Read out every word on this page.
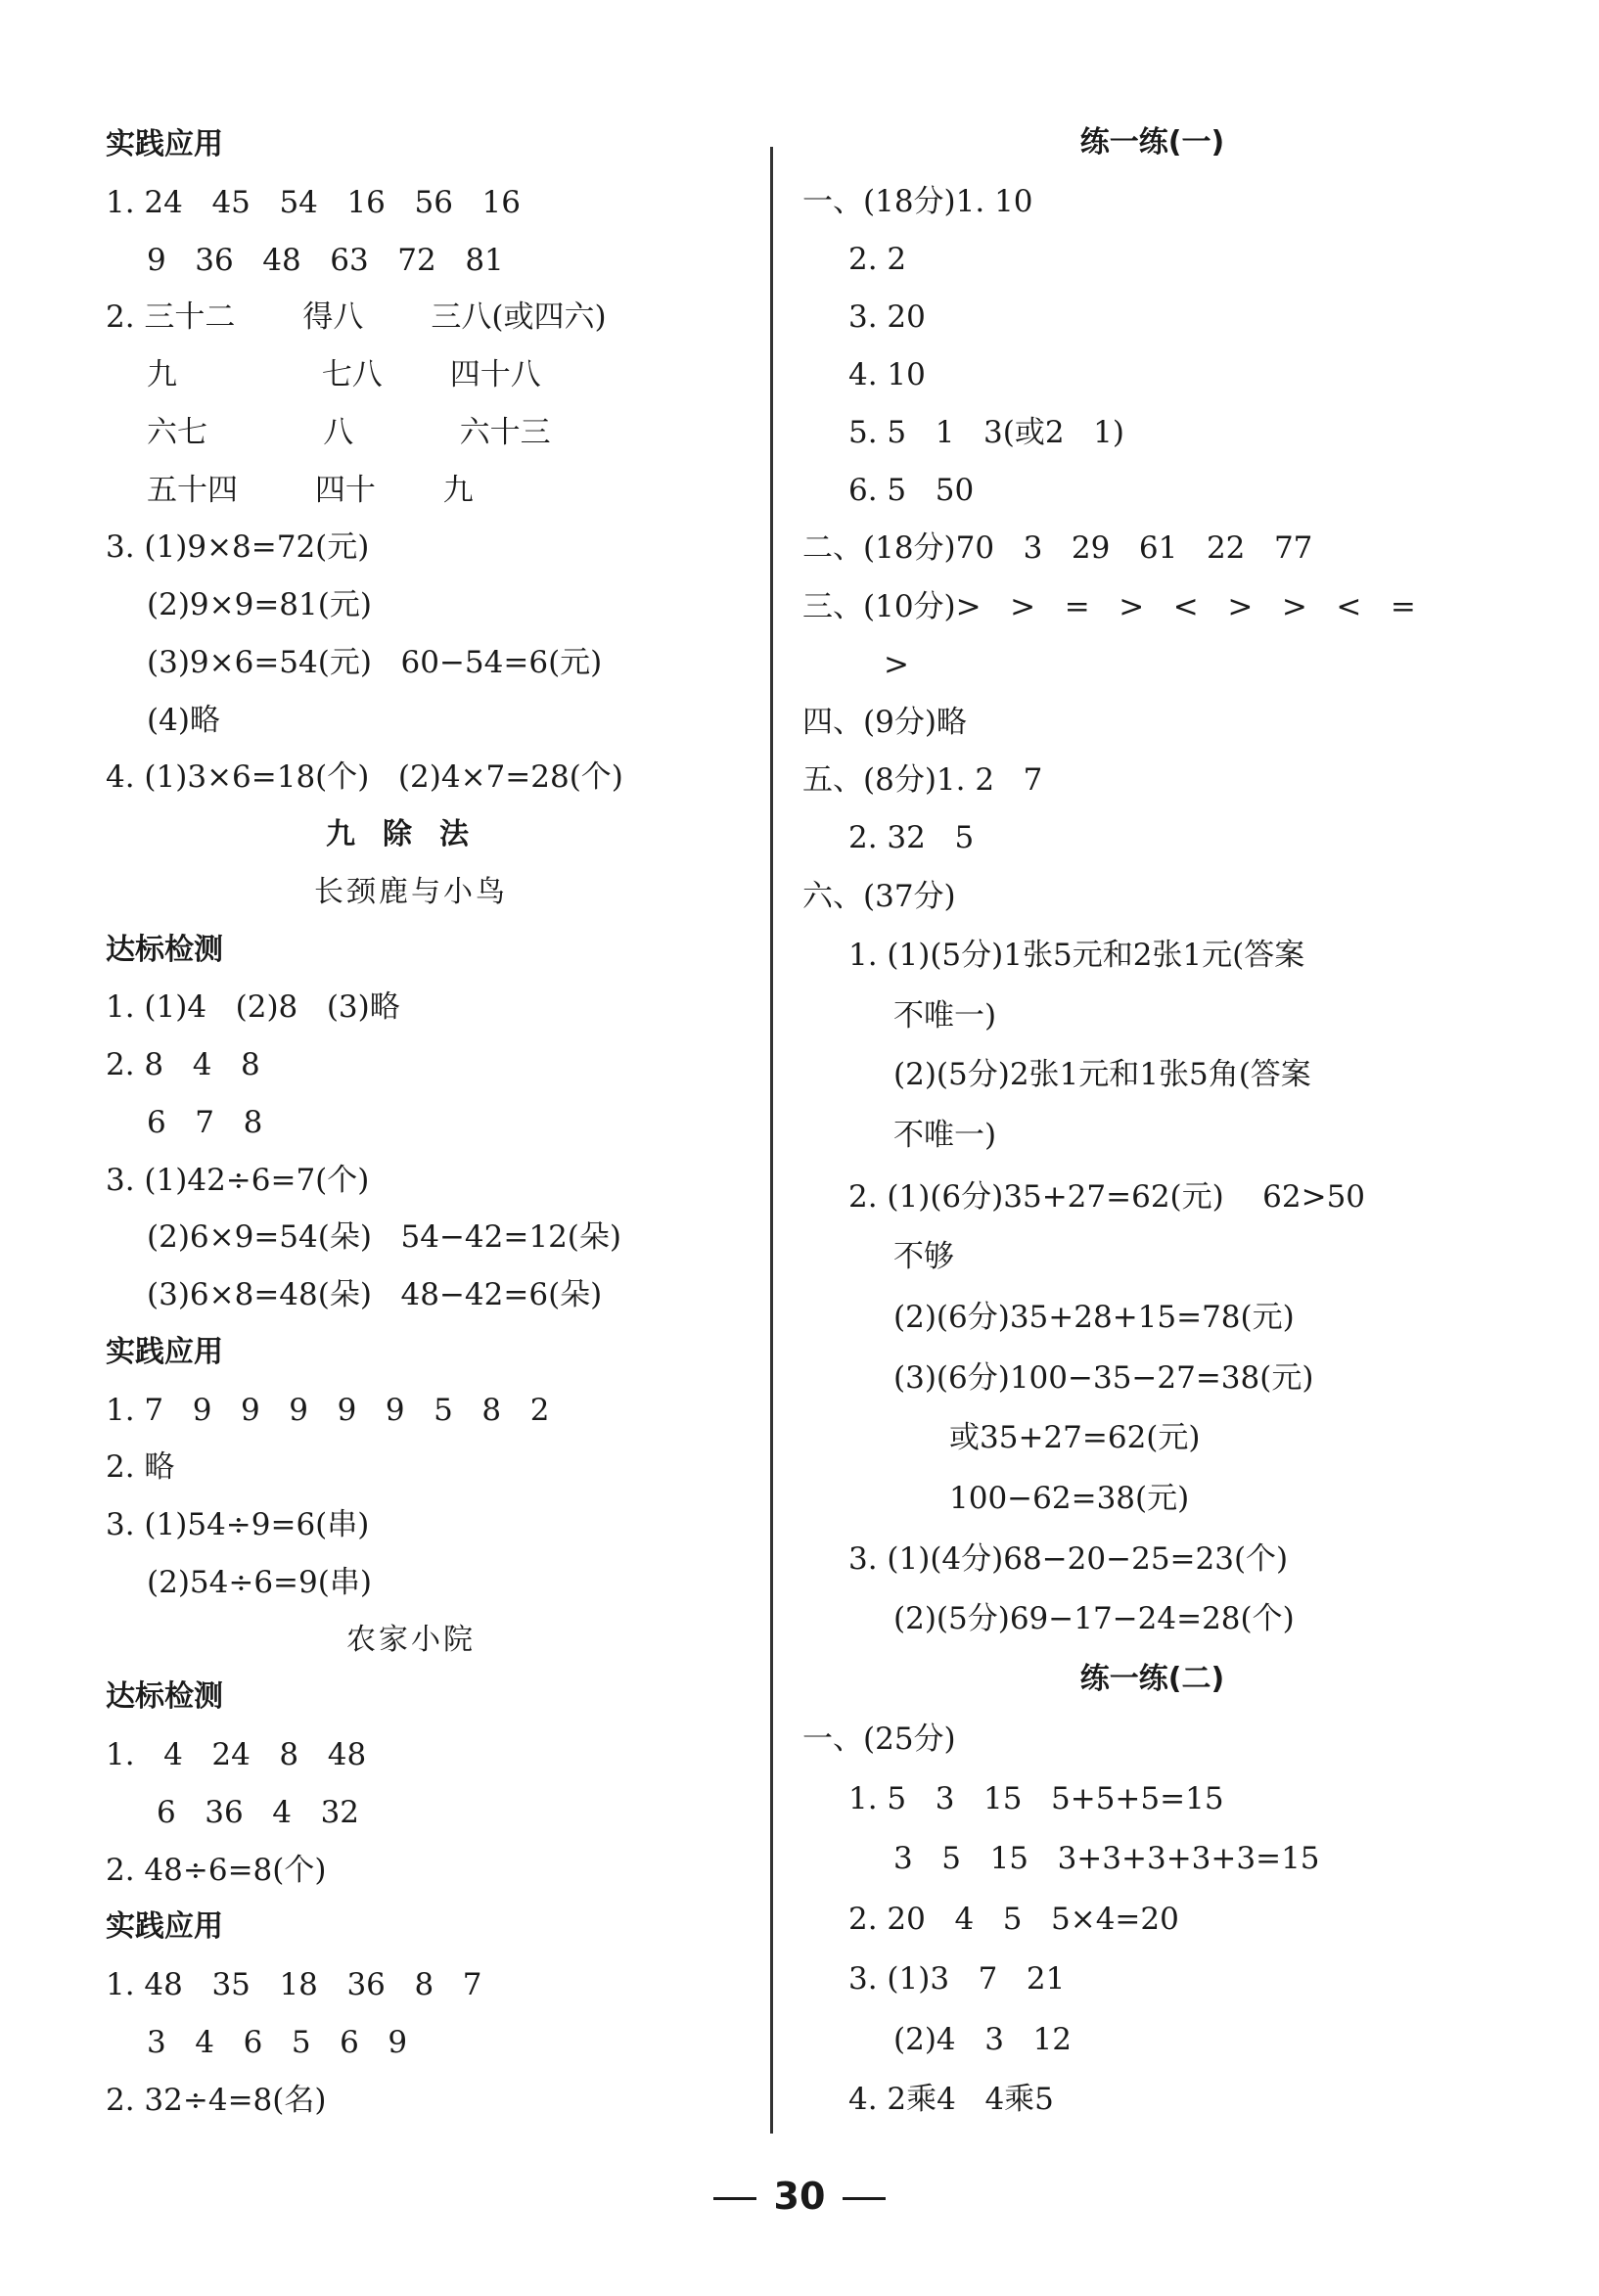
实践应用
1. 24   45   54   16   56   16
9   36   48   63   72   81
2. 三十二       得八       三八(或四六)
九               七八       四十八
六七            八           六十三
五十四        四十       九
3. (1)9×8=72(元)
(2)9×9=81(元)
(3)9×6=54(元)   60−54=6(元)
(4)略
4. (1)3×6=18(个)   (2)4×7=28(个)
九除法
长颈鹿与小鸟
达标检测
1. (1)4   (2)8   (3)略
2. 8   4   8
6   7   8
3. (1)42÷6=7(个)
(2)6×9=54(朵)   54−42=12(朵)
(3)6×8=48(朵)   48−42=6(朵)
实践应用
1. 7   9   9   9   9   9   5   8   2
2. 略
3. (1)54÷9=6(串)
(2)54÷6=9(串)
农家小院
达标检测
1.   4   24   8   48
6   36   4   32
2. 48÷6=8(个)
实践应用
1. 48   35   18   36   8   7
3   4   6   5   6   9
2. 32÷4=8(名)
练一练(一)
一、(18分)1. 10
2. 2
3. 20
4. 10
5. 5   1   3(或2   1)
6. 5   50
二、(18分)70   3   29   61   22   77
三、(10分)>   >   =   >   <   >   >   <   =
>
四、(9分)略
五、(8分)1. 2   7
2. 32   5
六、(37分)
1. (1)(5分)1张5元和2张1元(答案
不唯一)
(2)(5分)2张1元和1张5角(答案
不唯一)
2. (1)(6分)35+27=62(元)    62>50
不够
(2)(6分)35+28+15=78(元)
(3)(6分)100−35−27=38(元)
或35+27=62(元)
100−62=38(元)
3. (1)(4分)68−20−25=23(个)
(2)(5分)69−17−24=28(个)
练一练(二)
一、(25分)
1. 5   3   15   5+5+5=15
3   5   15   3+3+3+3+3=15
2. 20   4   5   5×4=20
3. (1)3   7   21
(2)4   3   12
4. 2乘4   4乘5
30
